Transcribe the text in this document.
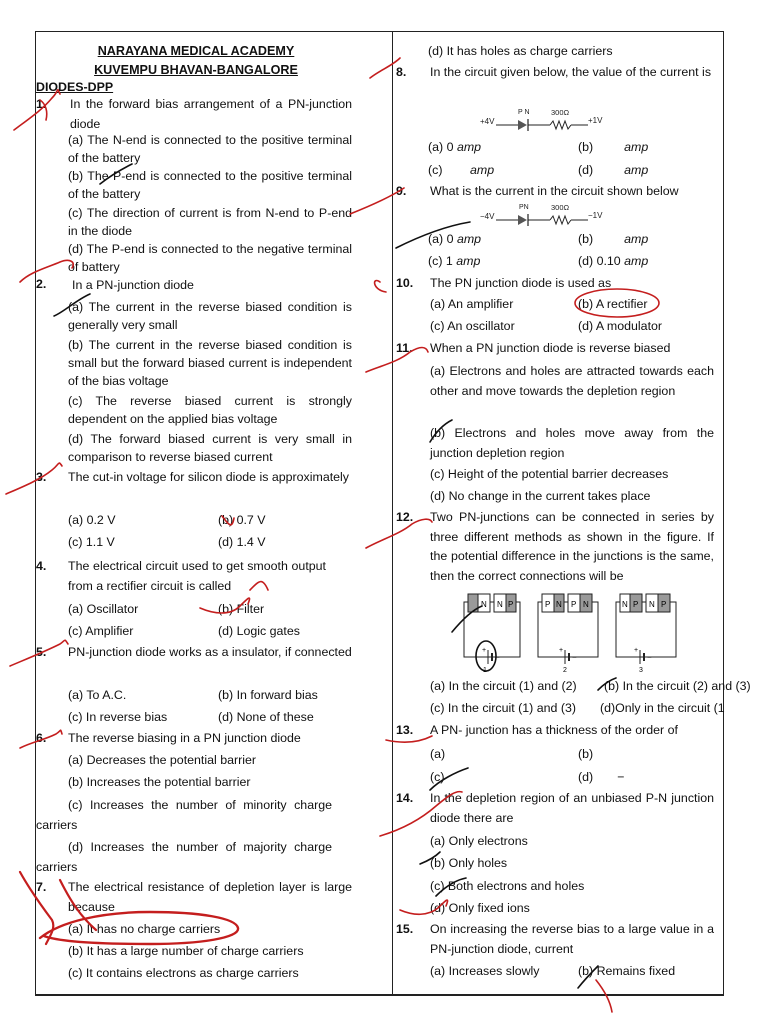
NARAYANA MEDICAL ACADEMY
KUVEMPU BHAVAN-BANGALORE
DIODES-DPP
1. In the forward bias arrangement of a PN-junction diode
(a) The N-end is connected to the positive terminal of the battery
(b) The P-end is connected to the positive terminal of the battery
(c) The direction of current is from N-end to P-end in the diode
(d) The P-end is connected to the negative terminal of battery
2. In a PN-junction diode
(a) The current in the reverse biased condition is generally very small
(b) The current in the reverse biased condition is small but the forward biased current is independent of the bias voltage
(c) The reverse biased current is strongly dependent on the applied bias voltage
(d) The forward biased current is very small in comparison to reverse biased current
3. The cut-in voltage for silicon diode is approximately
(a) 0.2 V	(b) 0.7 V
(c) 1.1 V	(d) 1.4 V
4. The electrical circuit used to get smooth output from a rectifier circuit is called
(a) Oscillator	(b) Filter
(c) Amplifier	(d) Logic gates
5. PN-junction diode works as a insulator, if connected
(a) To A.C.	(b) In forward bias
(c) In reverse bias	(d) None of these
6. The reverse biasing in a PN junction diode
(a) Decreases the potential barrier
(b) Increases the potential barrier
(c) Increases the number of minority charge carriers
(d) Increases the number of majority charge carriers
7. The electrical resistance of depletion layer is large because
(a) It has no charge carriers
(b) It has a large number of charge carriers
(c) It contains electrons as charge carriers
(d) It has holes as charge carriers
8. In the circuit given below, the value of the current is
+4V
P N	300Ω
+1V
(a) 0 amp	(b) amp
(c) amp	(d) amp
9. What is the current in the circuit shown below
−4V
PN	300Ω
−1V
(a) 0 amp	(b) amp
(c) 1 amp	(d) 0.10 amp
10. The PN junction diode is used as
(a) An amplifier	(b) A rectifier
(c) An oscillator	(d) A modulator
11. When a PN junction diode is reverse biased
(a) Electrons and holes are attracted towards each other and move towards the depletion region
(b) Electrons and holes move away from the junction depletion region
(c) Height of the potential barrier decreases
(d) No change in the current takes place
12. Two PN-junctions can be connected in series by three different methods as shown in the figure. If the potential difference in the junctions is the same, then the correct connections will be
N N P
+
−
1
P N P N
+
−
2
N P N P
+
−
3
(a) In the circuit (1) and (2) (b) In the circuit (2) and (3)
(c) In the circuit (1) and (3) (d)Only in the circuit (1
13. A PN- junction has a thickness of the order of
(a)	(b)
(c)	(d) −
14. In the depletion region of an unbiased P-N junction diode there are
(a) Only electrons
(b) Only holes
(c) Both electrons and holes
(d) Only fixed ions
15. On increasing the reverse bias to a large value in a PN-junction diode, current
(a) Increases slowly	(b) Remains fixed
